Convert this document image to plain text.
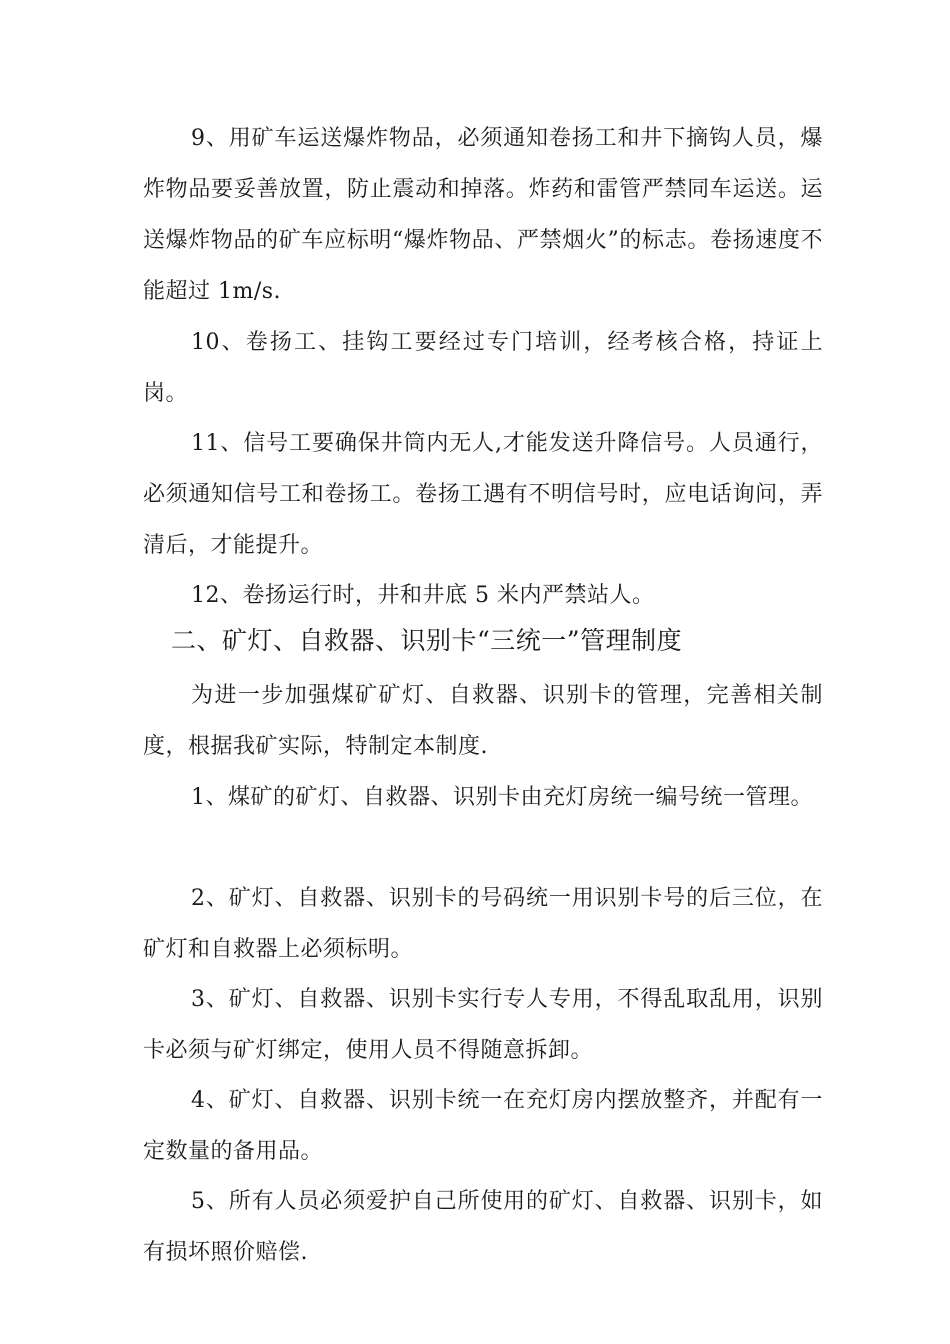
9、用矿车运送爆炸物品，必须通知卷扬工和井下摘钩人员，爆炸物品要妥善放置，防止震动和掉落。炸药和雷管严禁同车运送。运送爆炸物品的矿车应标明“爆炸物品、严禁烟火”的标志。卷扬速度不能超过 1m/s.

10、卷扬工、挂钩工要经过专门培训，经考核合格，持证上岗。

11、信号工要确保井筒内无人,才能发送升降信号。人员通行，必须通知信号工和卷扬工。卷扬工遇有不明信号时，应电话询问，弄清后，才能提升。

12、卷扬运行时，井和井底 5 米内严禁站人。

二、矿灯、自救器、识别卡“三统一”管理制度

为进一步加强煤矿矿灯、自救器、识别卡的管理，完善相关制度，根据我矿实际，特制定本制度.

1、煤矿的矿灯、自救器、识别卡由充灯房统一编号统一管理。

2、矿灯、自救器、识别卡的号码统一用识别卡号的后三位，在矿灯和自救器上必须标明。

3、矿灯、自救器、识别卡实行专人专用，不得乱取乱用，识别卡必须与矿灯绑定，使用人员不得随意拆卸。

4、矿灯、自救器、识别卡统一在充灯房内摆放整齐，并配有一定数量的备用品。

5、所有人员必须爱护自己所使用的矿灯、自救器、识别卡，如有损坏照价赔偿.
